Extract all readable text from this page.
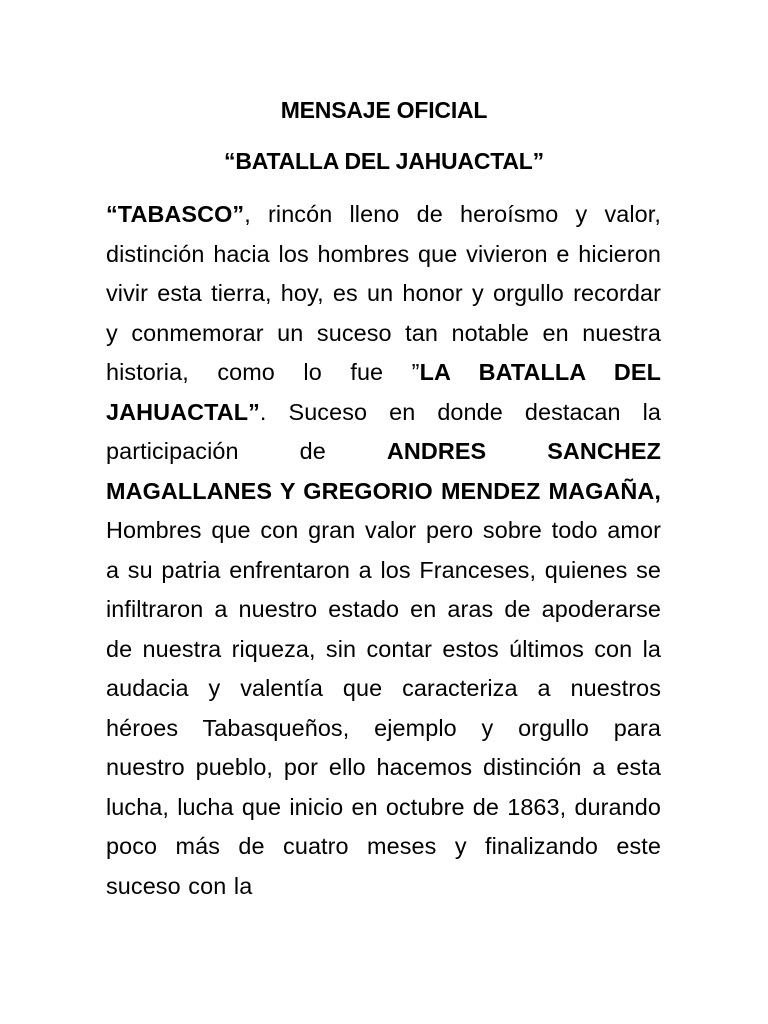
MENSAJE OFICIAL
“BATALLA DEL JAHUACTAL”
“TABASCO”, rincón lleno de heroísmo y valor, distinción hacia los hombres que vivieron e hicieron vivir esta tierra, hoy, es un honor y orgullo recordar y conmemorar un suceso tan notable en nuestra historia, como lo fue ”LA BATALLA DEL JAHUACTAL”. Suceso en donde destacan la participación de ANDRES SANCHEZ MAGALLANES Y GREGORIO MENDEZ MAGAÑA, Hombres que con gran valor pero sobre todo amor a su patria enfrentaron a los Franceses, quienes se infiltraron a nuestro estado en aras de apoderarse de nuestra riqueza, sin contar estos últimos con la audacia y valentía que caracteriza a nuestros héroes Tabasqueños, ejemplo y orgullo para nuestro pueblo, por ello hacemos distinción a esta lucha, lucha que inicio en octubre de 1863, durando poco más de cuatro meses y finalizando este suceso con la
